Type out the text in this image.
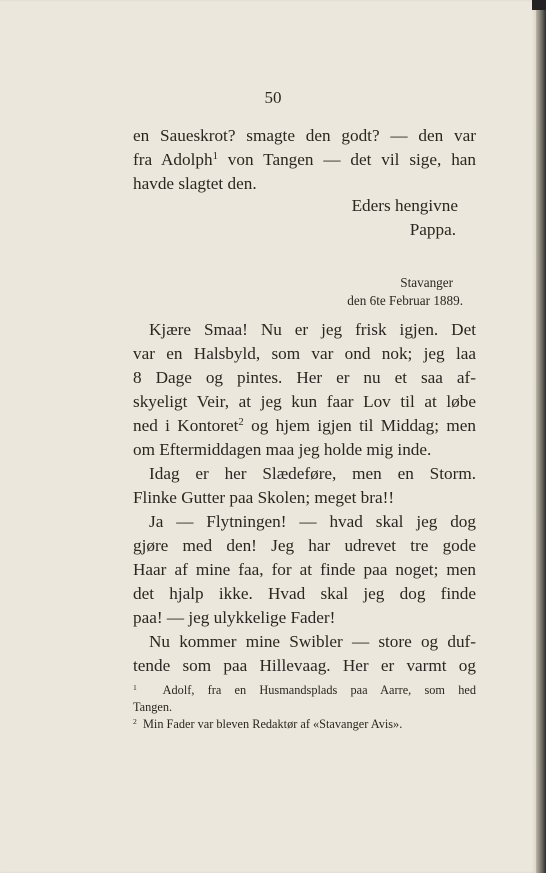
50
en Saueskrot? smagte den godt? — den var
fra Adolph$^1$ von Tangen — det vil sige, han
havde slagtet den.
Eders hengivne
Pappa.
Stavanger
den 6te Februar 1889.
Kjære Smaa! Nu er jeg frisk igjen. Det
var en Halsbyld, som var ond nok; jeg laa
8 Dage og pintes. Her er nu et saa af-
skyeligt Veir, at jeg kun faar Lov til at løbe
ned i Kontoret$^2$ og hjem igjen til Middag; men
om Eftermiddagen maa jeg holde mig inde.
Idag er her Slædeføre, men en Storm.
Flinke Gutter paa Skolen; meget bra!!
Ja — Flytningen! — hvad skal jeg dog
gjøre med den! Jeg har udrevet tre gode
Haar af mine faa, for at finde paa noget; men
det hjalp ikke. Hvad skal jeg dog finde
paa! — jeg ulykkelige Fader!
Nu kommer mine Swibler — store og duf-
tende som paa Hillevaag. Her er varmt og
$^1$ Adolf, fra en Husmandsplads paa Aarre, som hed
Tangen.
$^2$ Min Fader var bleven Redaktør af «Stavanger Avis».
